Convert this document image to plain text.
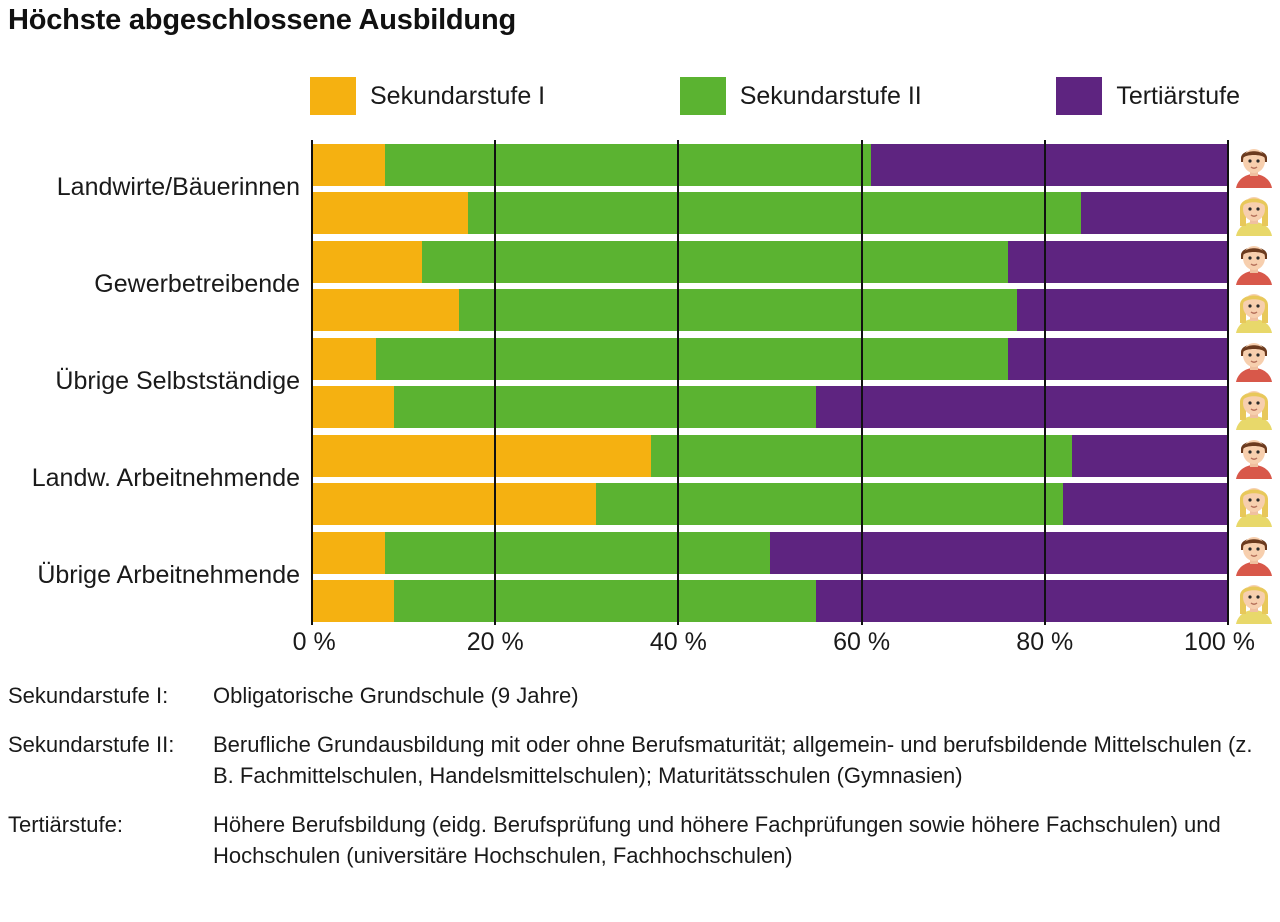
Höchste abgeschlossene Ausbildung
Sekundarstufe I	Sekundarstufe II	Tertiärstufe
Landwirte/Bäuerinnen
Gewerbetreibende
Übrige Selbstständige
Landw. Arbeitnehmende
Übrige Arbeitnehmende
0 %	20 %	40 %	60 %	80 %	100 %
Sekundarstufe I:	Obligatorische Grundschule (9 Jahre)
Sekundarstufe II:	Berufliche Grundausbildung mit oder ohne Berufsmaturität; allgemein- und berufsbildende Mittelschulen (z. B. Fachmittelschulen, Handelsmittelschulen); Maturitätsschulen (Gymnasien)
Tertiärstufe:	Höhere Berufsbildung (eidg. Berufsprüfung und höhere Fachprüfungen sowie höhere Fachschulen) und Hochschulen (universitäre Hochschulen, Fachhochschulen)
